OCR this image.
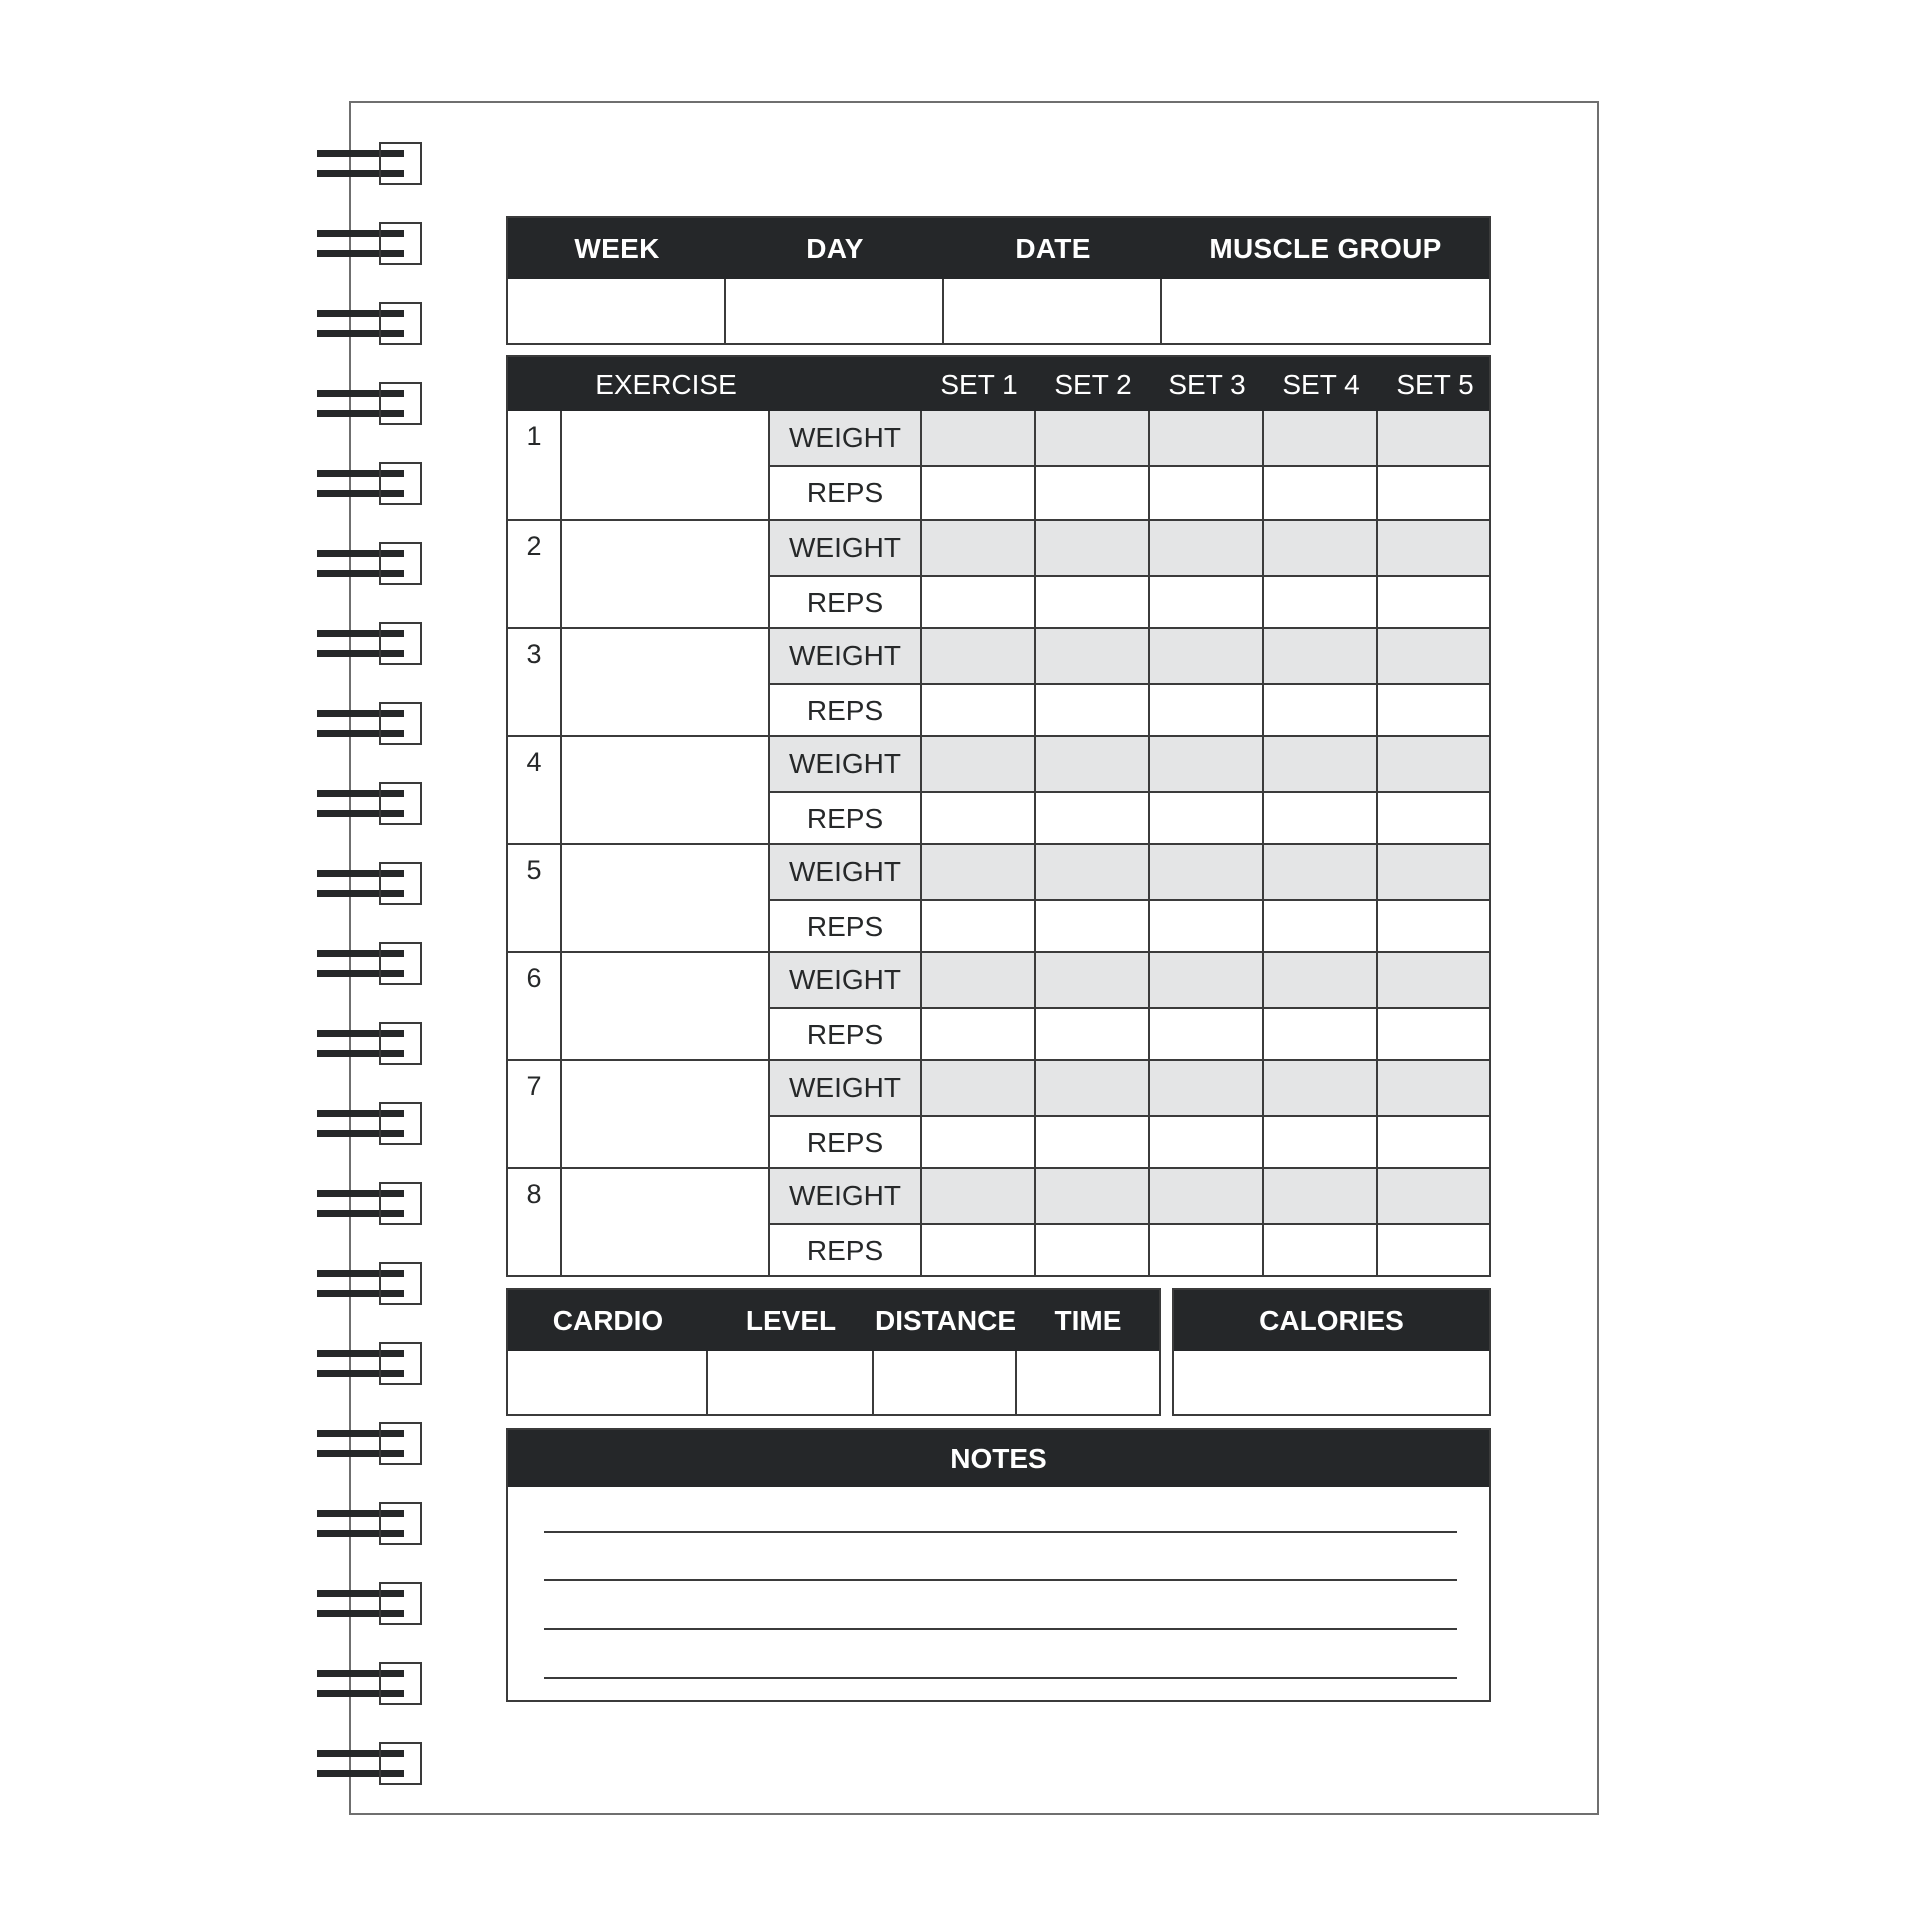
WEEK	DAY	DATE	MUSCLE GROUP
EXERCISE	SET 1	SET 2	SET 3	SET 4	SET 5
1	WEIGHT
REPS
2	WEIGHT
REPS
3	WEIGHT
REPS
4	WEIGHT
REPS
5	WEIGHT
REPS
6	WEIGHT
REPS
7	WEIGHT
REPS
8	WEIGHT
REPS
CARDIO	LEVEL	DISTANCE	TIME	CALORIES
NOTES
